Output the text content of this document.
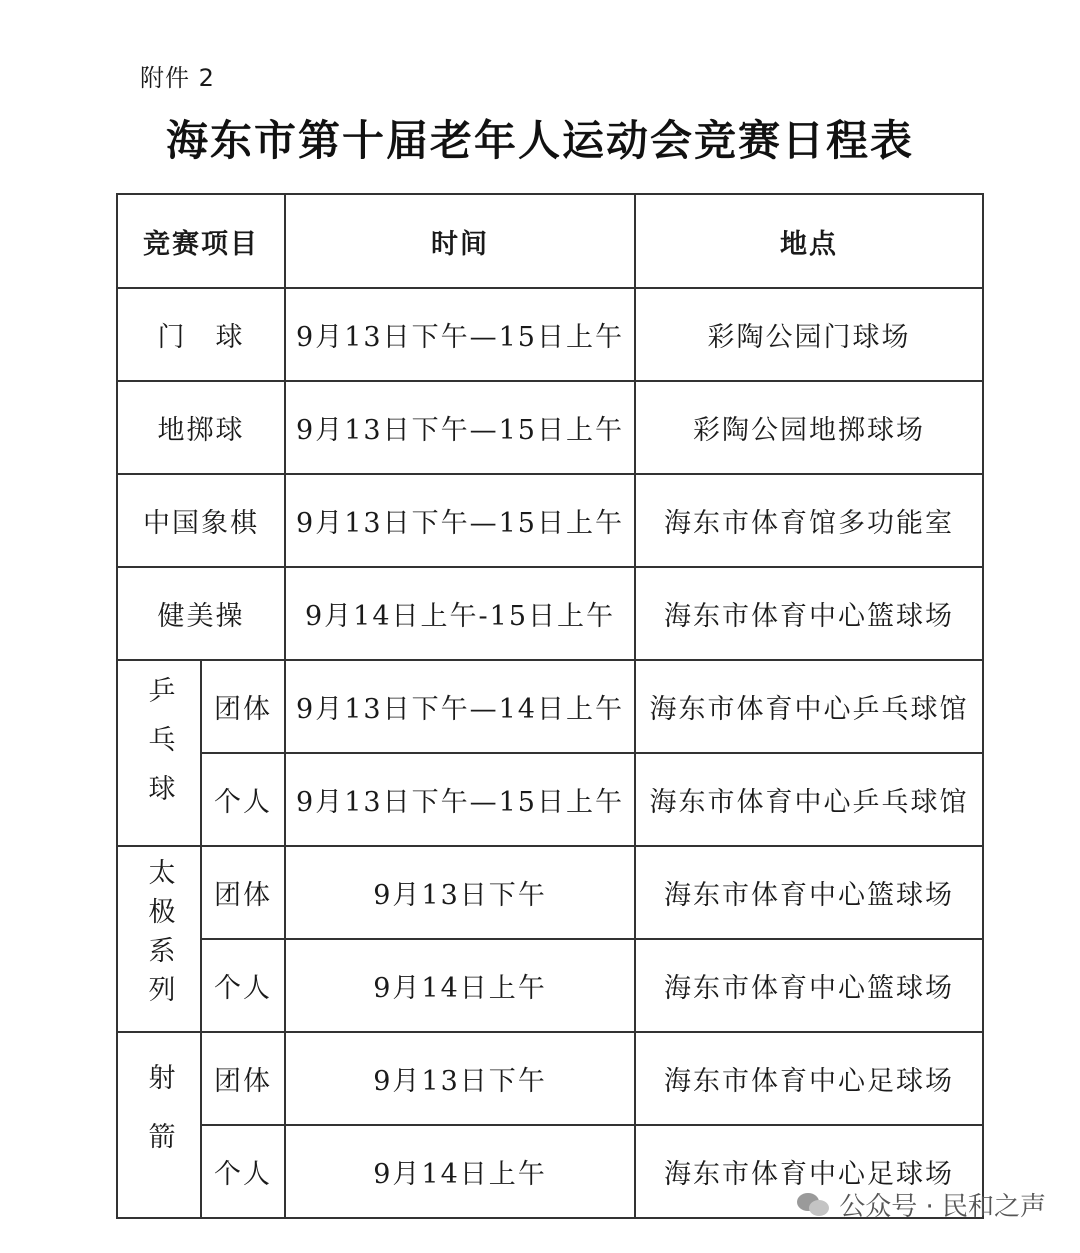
附件 2
海东市第十届老年人运动会竞赛日程表
竞赛项目		时间	地点
门　球		9月13日下午—15日上午	彩陶公园门球场
地掷球		9月13日下午—15日上午	彩陶公园地掷球场
中国象棋		9月13日下午—15日上午	海东市体育馆多功能室
健美操		9月14日上午-15日上午	海东市体育中心篮球场
乒乓球	团体	9月13日下午—14日上午	海东市体育中心乒乓球馆
	个人	9月13日下午—15日上午	海东市体育中心乒乓球馆
太极系列	团体	9月13日下午	海东市体育中心篮球场
	个人	9月14日上午	海东市体育中心篮球场
射箭	团体	9月13日下午	海东市体育中心足球场
	个人	9月14日上午	海东市体育中心足球场
公众号 · 民和之声
